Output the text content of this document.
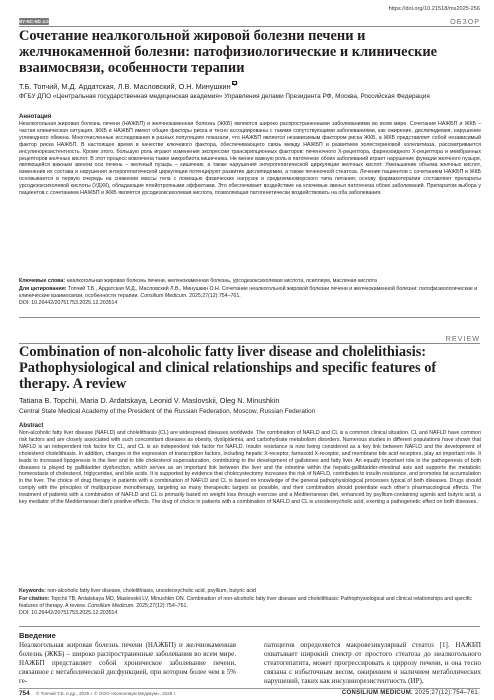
https://doi.org/10.21518/ms2025-256
BY-NC-ND 4.0	ОБЗОР
Сочетание неалкогольной жировой болезни печени и желчнокаменной болезни: патофизиологические и клинические взаимосвязи, особенности терапии
Т.Б. Топчий, М.Д. Ардатская, Л.В. Масловский, О.Н. Минушкин
ФГБУ ДПО «Центральная государственная медицинская академия» Управления делами Президента РФ, Москва, Российская Федерация
Аннотация

Неалкогольная жировая болезнь печени (НАЖБП) и желчнокаменная болезнь (ЖКБ) являются широко распространенными заболеваниями во всем мире. Сочетание НАЖБП и ЖКБ – частая клиническая ситуация. ЖКБ и НАЖБП имеют общие факторы риска и тесно ассоциированы с такими сопутствующими заболеваниями, как ожирение, дислипидемия, нарушение углеводного обмена. Многочисленные исследования в разных популяциях показали, что НАЖБП является независимым фактором риска ЖКБ, а ЖКБ представляет собой независимый фактор риска НАЖБП. В настоящее время в качестве ключевого фактора, обеспечивающего связь между НАЖБП и развитием холестериновой холелитиаза, рассматривается инсулинорезистентность. Кроме этого, большую роль играют изменения экспрессии транскрипционных факторов: печеночного X-рецептора, фарнезоидного X-рецептора и мембранных рецепторов желчных кислот. В этот процесс вовлечена также микробиота кишечника. Не менее важную роль в патогенезе обоих заболеваний играет нарушение функции желчного пузыря, являющейся важным звеном оси печень – желчный пузырь – кишечник, а также нарушения энтерогепатической циркуляции желчных кислот. Уменьшение объема желчных кислот, изменения их состава и нарушения энтерогепатической циркуляции потенцируют развитие дислипидемии, а также печеночной стеатоза. Лечение пациентов с сочетанием НАЖБП и ЖКБ основывается в первую очередь на снижении массы тела с помощью физических нагрузок и средиземноморского типа питания; основу фармакотерапии составляют препараты урсодезоксихолевой кислоты (УДХК), обладающие плейотропными эффектами. Это обеспечивает воздействие на ключевые звенья патогенеза обоих заболеваний. Препаратом выбора у пациентов с сочетанием НАЖБП и ЖКБ является урсодезоксихолевая кислота, позволяющая патогенетически воздействовать на оба заболевания.

Ключевые слова: неалкогольная жировая болезнь печени, желчнокаменная болезнь, урсодезоксихолевая кислота, псиллиум, масляная кислота
Для цитирования: Топчий Т.Б., Ардатская М.Д., Масловский Л.В., Минушкин О.Н. Сочетание неалкогольной жировой болезни печени и желчнокаменной болезни: патофизиологические и клинические взаимосвязи, особенности терапии. Consilium Medicum. 2025;27(12):754–761.
DOI: 10.26442/20751753.2025.12.203514
REVIEW
Combination of non-alcoholic fatty liver disease and cholelithiasis: Pathophysiological and clinical relationships and specific features of therapy. A review
Tatiana B. Topchii, Maria D. Ardatskaya, Leonid V. Maslovskii, Oleg N. Minushkin
Central State Medical Academy of the President of the Russian Federation, Moscow, Russian Federation
Abstract

Non-alcoholic fatty liver disease (NAFLD) and cholelithiasis (CL) are widespread diseases worldwide. The combination of NAFLD and CL is a common clinical situation. CL and NAFLD have common risk factors and are closely associated with such concomitant diseases as obesity, dyslipidemia, and carbohydrate metabolism disorders. Numerous studies in different populations have shown that NAFLD is an independent risk factor for CL, and CL is an independent risk factor for NAFLD. Insulin resistance is now being considered as a key link between NAFLD and the development of cholesterol cholelithiasis. In addition, changes in the expression of transcription factors, including hepatic X-receptor, farnesoid X-receptor, and membrane bile acid receptors, play an important role. It leads to increased lipogenesis in the liver and to bile cholesterol supersaturation, contributing to the development of gallstones and fatty liver. An equally important role in the pathogenesis of both diseases is played by gallbladder dysfunction, which serves as an important link between the liver and the intestine within the hepatic-gallbladder-intestinal axis and supports the metabolic homeostasis of cholesterol, triglycerides, and bile acids. It is supported by evidence that cholecystectomy increases the risk of NAFLD, contributes to insulin resistance, and promotes fat accumulation in the liver. The choice of drug therapy in patients with a combination of NAFLD and CL is based on knowledge of the general pathophysiological processes typical of both diseases. Drugs should comply with the principles of multipurpose monotherapy, targeting as many therapeutic targets as possible, and their combination should potentiate each other's pharmacological effects. The treatment of patients with a combination of NAFLD and CL is primarily based on weight loss through exercise and a Mediterranean diet, enhanced by psyllium-containing agents and butyric acid, a key mediator of the Mediterranean diet's positive effects. The drug of choice in patients with a combination of NAFLD and CL is ursodeoxycholic acid, exerting a pathogenetic effect on both diseases.

Keywords: non-alcoholic fatty liver disease, cholelithiasis, ursodeoxycholic acid, psyllium, butyric acid
For citation: Topchii TB, Ardatskaya MD, Maslovskii LV, Minushkin ON. Combination of non-alcoholic fatty liver disease and cholelithiasis: Pathophysiological and clinical relationships and specific features of therapy. A review. Consilium Medicum. 2025;27(12):754–761.
DOI: 10.26442/20751753.2025.12.203514
Введение

Неалкогольная жировая болезнь печени (НАЖБП) и желчнокаменная болезнь (ЖКБ) – широко распространенные заболевания во всем мире. НАЖБП представляет собой хроническое заболевание печени, связанное с метаболической дисфункцией, при котором более чем в 5% ге-

патоцитов определяется макровезикулярный стеатоз [1]. НАЖБП охватывает широкий спектр от простого стеатоза до неалкогольного стеатогепатита, может прогрессировать к циррозу печени, и она тесно связана с избыточным весом, ожирением и наличием метаболических нарушений, таких как инсулинорезистентность (ИР),

754 © Топчий Т.Б. и др., 2025 г. © ООО «Консилиум Медикум», 2025 г.	CONSILIUM MEDICUM. 2025;27(12):754–761.
